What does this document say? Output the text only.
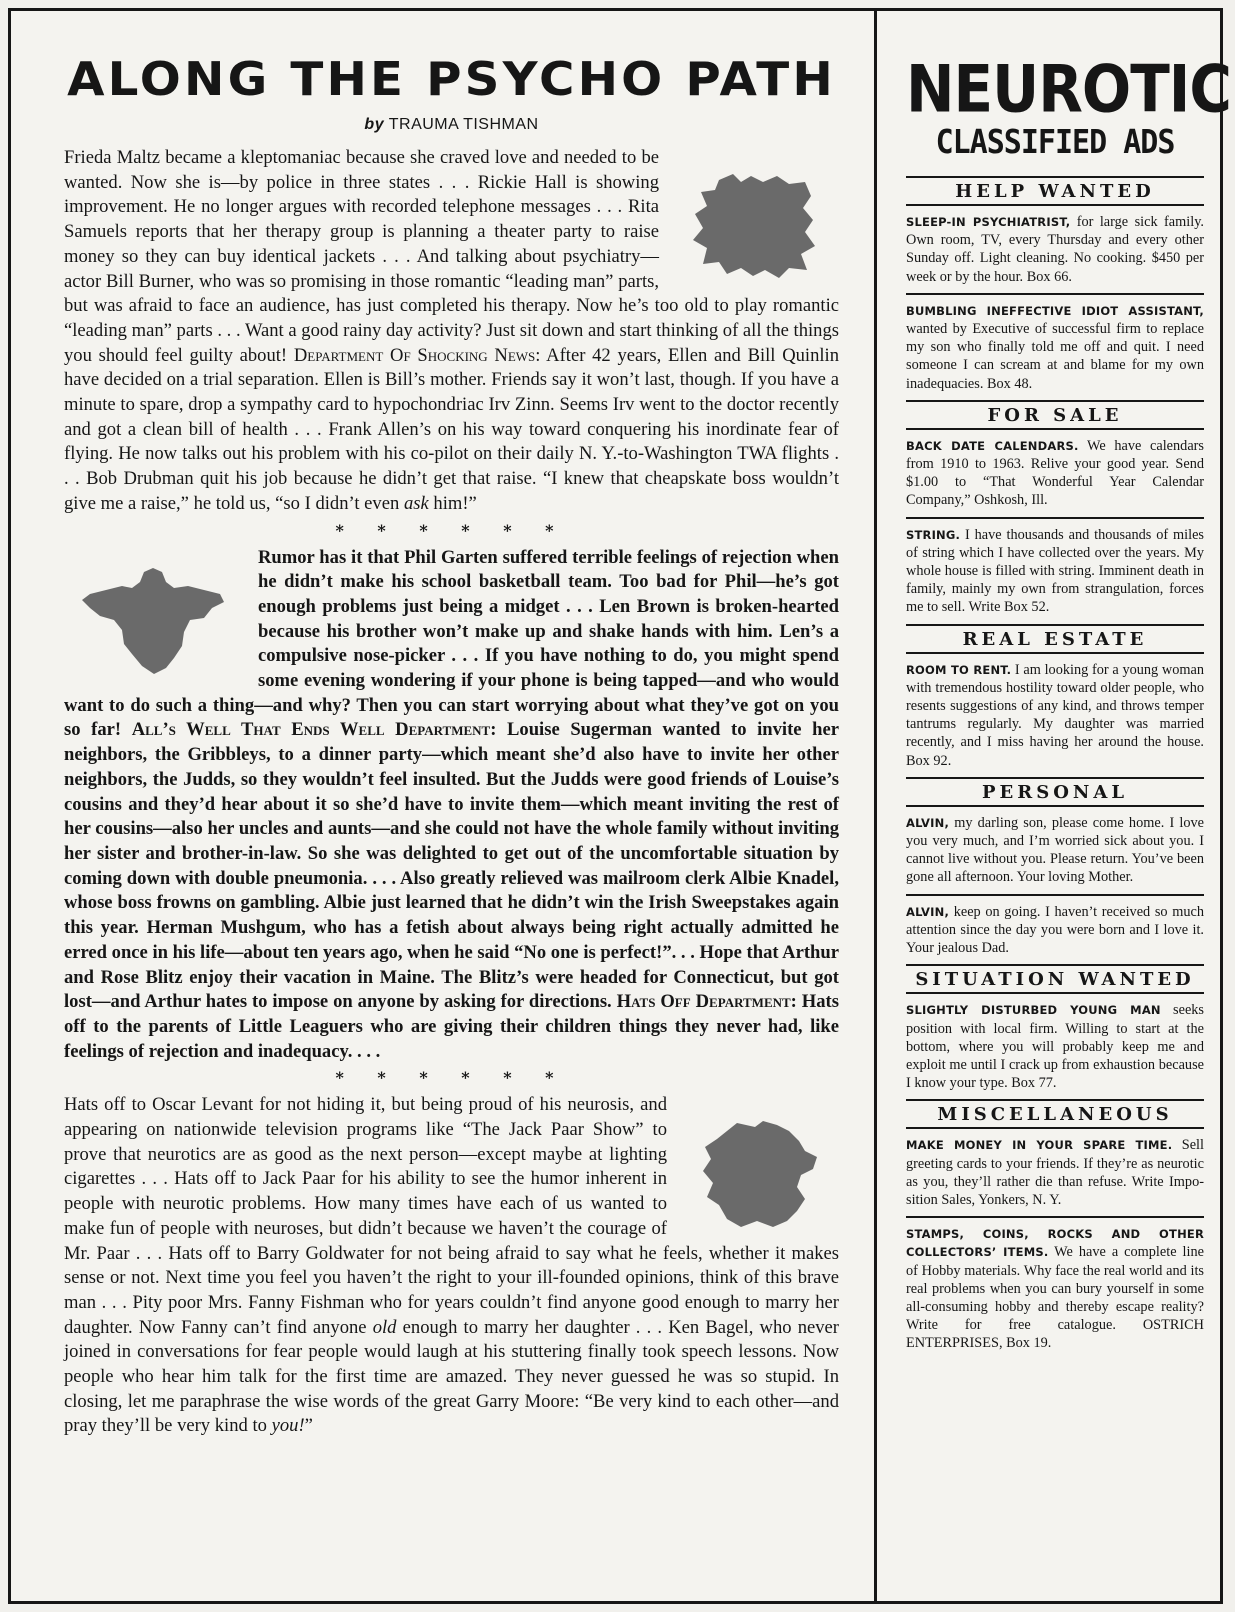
ALONG THE PSYCHO PATH
by TRAUMA TISHMAN

Frieda Maltz became a kleptomaniac because she craved love and needed to be wanted. Now she is—by police in three states . . . Rickie Hall is showing improvement. He no longer argues with recorded telephone messages . . . Rita Samuels reports that her therapy group is planning a theater party to raise money so they can buy identical jackets . . . And talking about psychiatry—actor Bill Burner, who was so promising in those romantic “leading man” parts, but was afraid to face an audience, has just completed his therapy. Now he’s too old to play romantic “leading man” parts . . . Want a good rainy day activity? Just sit down and start thinking of all the things you should feel guilty about! Department Of Shocking News: After 42 years, Ellen and Bill Quinlin have decided on a trial separation. Ellen is Bill’s mother. Friends say it won’t last, though. If you have a minute to spare, drop a sympathy card to hypochondriac Irv Zinn. Seems Irv went to the doctor recently and got a clean bill of health . . . Frank Allen’s on his way toward conquering his inordinate fear of flying. He now talks out his problem with his co-pilot on their daily N. Y.-to-Washington TWA flights . . . Bob Drubman quit his job because he didn’t get that raise. “I knew that cheapskate boss wouldn’t give me a raise,” he told us, “so I didn’t even ask him!”

* * * * * *

Rumor has it that Phil Garten suffered terrible feelings of rejection when he didn’t make his school basketball team. Too bad for Phil—he’s got enough problems just being a midget . . . Len Brown is broken-hearted because his brother won’t make up and shake hands with him. Len’s a compulsive nose-picker . . . If you have nothing to do, you might spend some evening wondering if your phone is being tapped—and who would want to do such a thing—and why? Then you can start worrying about what they’ve got on you so far! All’s Well That Ends Well Department: Louise Sugerman wanted to invite her neighbors, the Gribbleys, to a dinner party—which meant she’d also have to invite her other neighbors, the Judds, so they wouldn’t feel insulted. But the Judds were good friends of Louise’s cousins and they’d hear about it so she’d have to invite them—which meant inviting the rest of her cousins—also her uncles and aunts—and she could not have the whole family without inviting her sister and brother-in-law. So she was delighted to get out of the uncomfortable situation by coming down with double pneumonia. . . . Also greatly relieved was mailroom clerk Albie Knadel, whose boss frowns on gambling. Albie just learned that he didn’t win the Irish Sweepstakes again this year. Herman Mushgum, who has a fetish about always being right actually admitted he erred once in his life—about ten years ago, when he said “No one is perfect!”. . . Hope that Arthur and Rose Blitz enjoy their vacation in Maine. The Blitz’s were headed for Connecticut, but got lost—and Arthur hates to impose on anyone by asking for directions. Hats Off Department: Hats off to the parents of Little Leaguers who are giving their children things they never had, like feelings of rejection and inadequacy. . . .

* * * * * *

Hats off to Oscar Levant for not hiding it, but being proud of his neurosis, and appearing on nationwide television programs like “The Jack Paar Show” to prove that neurotics are as good as the next person—except maybe at lighting cigarettes . . . Hats off to Jack Paar for his ability to see the humor inherent in people with neurotic problems. How many times have each of us wanted to make fun of people with neuroses, but didn’t because we haven’t the courage of Mr. Paar . . . Hats off to Barry Goldwater for not being afraid to say what he feels, whether it makes sense or not. Next time you feel you haven’t the right to your ill-founded opinions, think of this brave man . . . Pity poor Mrs. Fanny Fishman who for years couldn’t find anyone good enough to marry her daughter. Now Fanny can’t find anyone old enough to marry her daughter . . . Ken Bagel, who never joined in conversations for fear people would laugh at his stuttering finally took speech lessons. Now people who hear him talk for the first time are amazed. They never guessed he was so stupid. In closing, let me paraphrase the wise words of the great Garry Moore: “Be very kind to each other—and pray they’ll be very kind to you!”

NEUROTIC
CLASSIFIED ADS
HELP WANTED

SLEEP-IN PSYCHIATRIST, for large sick family. Own room, TV, every Thursday and every other Sunday off. Light cleaning. No cooking. $450 per week or by the hour. Box 66.

BUMBLING INEFFECTIVE IDIOT ASSISTANT, wanted by Executive of successful firm to replace my son who finally told me off and quit. I need someone I can scream at and blame for my own inadequacies. Box 48.

FOR SALE

BACK DATE CALENDARS. We have calendars from 1910 to 1963. Relive your good year. Send $1.00 to “That Wonderful Year Calendar Company,” Oshkosh, Ill.

STRING. I have thousands and thousands of miles of string which I have collected over the years. My whole house is filled with string. Imminent death in family, mainly my own from strangulation, forces me to sell. Write Box 52.

REAL ESTATE

ROOM TO RENT. I am looking for a young woman with tremendous hostility toward older people, who resents suggestions of any kind, and throws temper tantrums regularly. My daughter was married recently, and I miss having her around the house. Box 92.

PERSONAL

ALVIN, my darling son, please come home. I love you very much, and I’m worried sick about you. I cannot live without you. Please return. You’ve been gone all afternoon. Your loving Mother.

ALVIN, keep on going. I haven’t received so much attention since the day you were born and I love it. Your jealous Dad.

SITUATION WANTED

SLIGHTLY DISTURBED YOUNG MAN seeks position with local firm. Willing to start at the bottom, where you will probably keep me and exploit me until I crack up from exhaustion because I know your type. Box 77.

MISCELLANEOUS

MAKE MONEY IN YOUR SPARE TIME. Sell greeting cards to your friends. If they’re as neurotic as you, they’ll rather die than refuse. Write Imposition Sales, Yonkers, N. Y.

STAMPS, COINS, ROCKS AND OTHER COLLECTORS’ ITEMS. We have a complete line of Hobby materials. Why face the real world and its real problems when you can bury yourself in some all-consuming hobby and thereby escape reality? Write for free catalogue. OSTRICH ENTERPRISES, Box 19.
